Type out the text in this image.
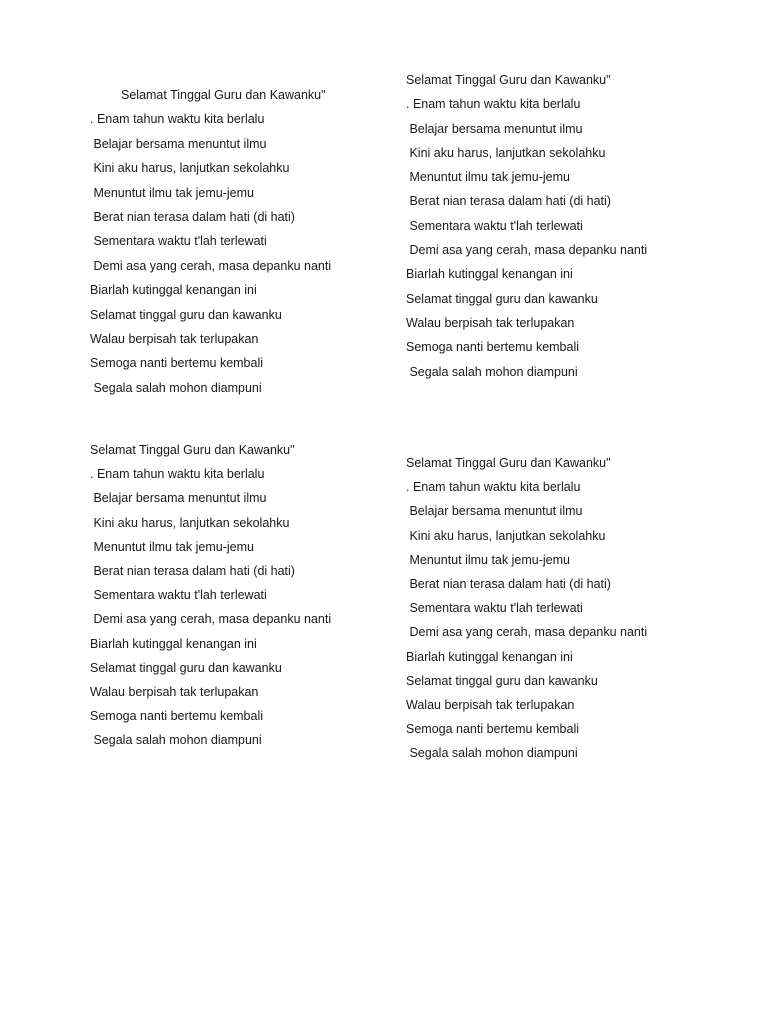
Selamat Tinggal Guru dan Kawanku"
. Enam tahun waktu kita berlalu
Belajar bersama menuntut ilmu
Kini aku harus, lanjutkan sekolahku
Menuntut ilmu tak jemu-jemu
Berat nian terasa dalam hati (di hati)
Sementara waktu t'lah terlewati
Demi asa yang cerah, masa depanku nanti
Biarlah kutinggal kenangan ini
Selamat tinggal guru dan kawanku
Walau berpisah tak terlupakan
Semoga nanti bertemu kembali
Segala salah mohon diampuni
Selamat Tinggal Guru dan Kawanku"
. Enam tahun waktu kita berlalu
Belajar bersama menuntut ilmu
Kini aku harus, lanjutkan sekolahku
Menuntut ilmu tak jemu-jemu
Berat nian terasa dalam hati (di hati)
Sementara waktu t'lah terlewati
Demi asa yang cerah, masa depanku nanti
Biarlah kutinggal kenangan ini
Selamat tinggal guru dan kawanku
Walau berpisah tak terlupakan
Semoga nanti bertemu kembali
Segala salah mohon diampuni
Selamat Tinggal Guru dan Kawanku"
. Enam tahun waktu kita berlalu
Belajar bersama menuntut ilmu
Kini aku harus, lanjutkan sekolahku
Menuntut ilmu tak jemu-jemu
Berat nian terasa dalam hati (di hati)
Sementara waktu t'lah terlewati
Demi asa yang cerah, masa depanku nanti
Biarlah kutinggal kenangan ini
Selamat tinggal guru dan kawanku
Walau berpisah tak terlupakan
Semoga nanti bertemu kembali
Segala salah mohon diampuni
Selamat Tinggal Guru dan Kawanku"
. Enam tahun waktu kita berlalu
Belajar bersama menuntut ilmu
Kini aku harus, lanjutkan sekolahku
Menuntut ilmu tak jemu-jemu
Berat nian terasa dalam hati (di hati)
Sementara waktu t'lah terlewati
Demi asa yang cerah, masa depanku nanti
Biarlah kutinggal kenangan ini
Selamat tinggal guru dan kawanku
Walau berpisah tak terlupakan
Semoga nanti bertemu kembali
Segala salah mohon diampuni
